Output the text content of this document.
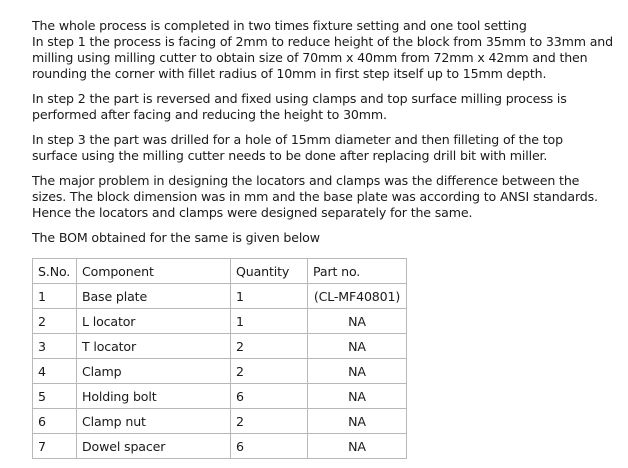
The whole process is completed in two times fixture setting and one tool setting
In step 1 the process is facing of 2mm to reduce height of the block from 35mm to 33mm and
milling using milling cutter to obtain size of 70mm x 40mm from 72mm x 42mm and then
rounding the corner with fillet radius of 10mm in first step itself up to 15mm depth.

In step 2 the part is reversed and fixed using clamps and top surface milling process is
performed after facing and reducing the height to 30mm.

In step 3 the part was drilled for a hole of 15mm diameter and then filleting of the top
surface using the milling cutter needs to be done after replacing drill bit with miller.

The major problem in designing the locators and clamps was the difference between the
sizes. The block dimension was in mm and the base plate was according to ANSI standards.
Hence the locators and clamps were designed separately for the same.

The BOM obtained for the same is given below

S.No.	Component	Quantity	Part no.
1	Base plate	1	(CL-MF40801)
2	L locator	1	NA
3	T locator	2	NA
4	Clamp	2	NA
5	Holding bolt	6	NA
6	Clamp nut	2	NA
7	Dowel spacer	6	NA
